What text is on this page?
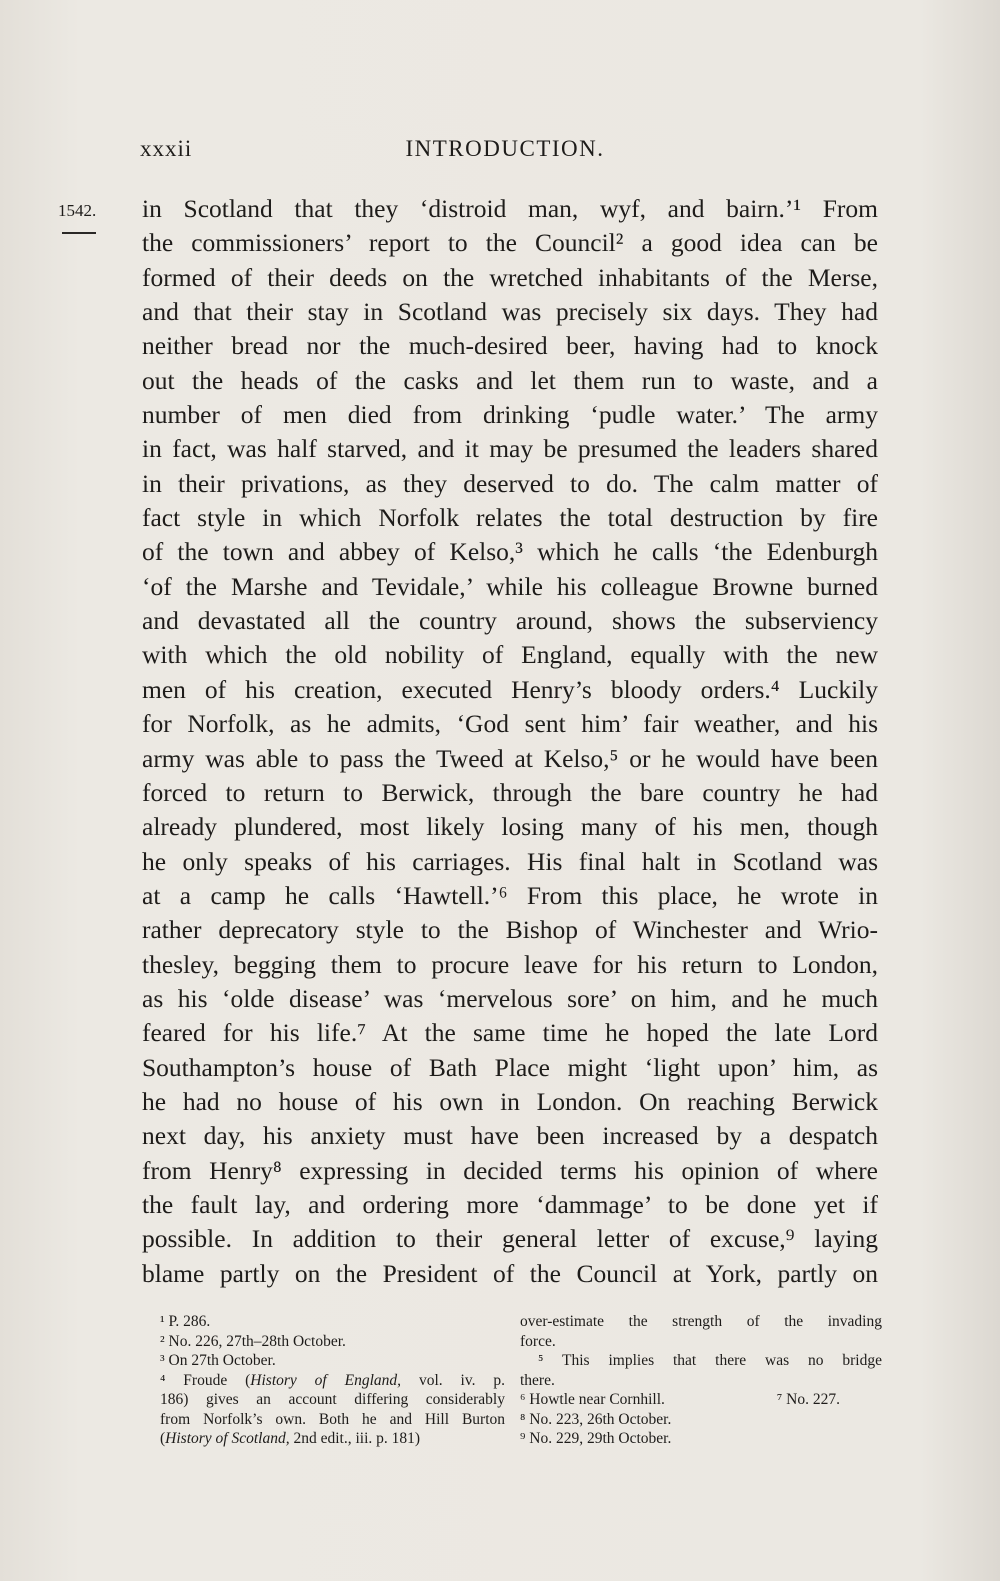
xxxii	INTRODUCTION.
1542. in Scotland that they ‘distroid man, wyf, and bairn.’¹ From
the commissioners’ report to the Council² a good idea can be
formed of their deeds on the wretched inhabitants of the Merse,
and that their stay in Scotland was precisely six days. They had
neither bread nor the much-desired beer, having had to knock
out the heads of the casks and let them run to waste, and a
number of men died from drinking ‘pudle water.’ The army
in fact, was half starved, and it may be presumed the leaders shared
in their privations, as they deserved to do. The calm matter of
fact style in which Norfolk relates the total destruction by fire
of the town and abbey of Kelso,³ which he calls ‘the Edenburgh
‘of the Marshe and Tevidale,’ while his colleague Browne burned
and devastated all the country around, shows the subserviency
with which the old nobility of England, equally with the new
men of his creation, executed Henry’s bloody orders.⁴ Luckily
for Norfolk, as he admits, ‘God sent him’ fair weather, and his
army was able to pass the Tweed at Kelso,⁵ or he would have been
forced to return to Berwick, through the bare country he had
already plundered, most likely losing many of his men, though
he only speaks of his carriages. His final halt in Scotland was
at a camp he calls ‘Hawtell.’⁶ From this place, he wrote in
rather deprecatory style to the Bishop of Winchester and Wrio-
thesley, begging them to procure leave for his return to London,
as his ‘olde disease’ was ‘mervelous sore’ on him, and he much
feared for his life.⁷ At the same time he hoped the late Lord
Southampton’s house of Bath Place might ‘light upon’ him, as
he had no house of his own in London. On reaching Berwick
next day, his anxiety must have been increased by a despatch
from Henry⁸ expressing in decided terms his opinion of where
the fault lay, and ordering more ‘dammage’ to be done yet if
possible. In addition to their general letter of excuse,⁹ laying
blame partly on the President of the Council at York, partly on
¹ P. 286.
² No. 226, 27th–28th October.
³ On 27th October.
⁴ Froude (History of England, vol. iv. p.
186) gives an account differing considerably
from Norfolk’s own. Both he and Hill Burton
(History of Scotland, 2nd edit., iii. p. 181)
over-estimate the strength of the invading
force.
⁵ This implies that there was no bridge
there.
⁶ Howtle near Cornhill.	⁷ No. 227.
⁸ No. 223, 26th October.
⁹ No. 229, 29th October.
